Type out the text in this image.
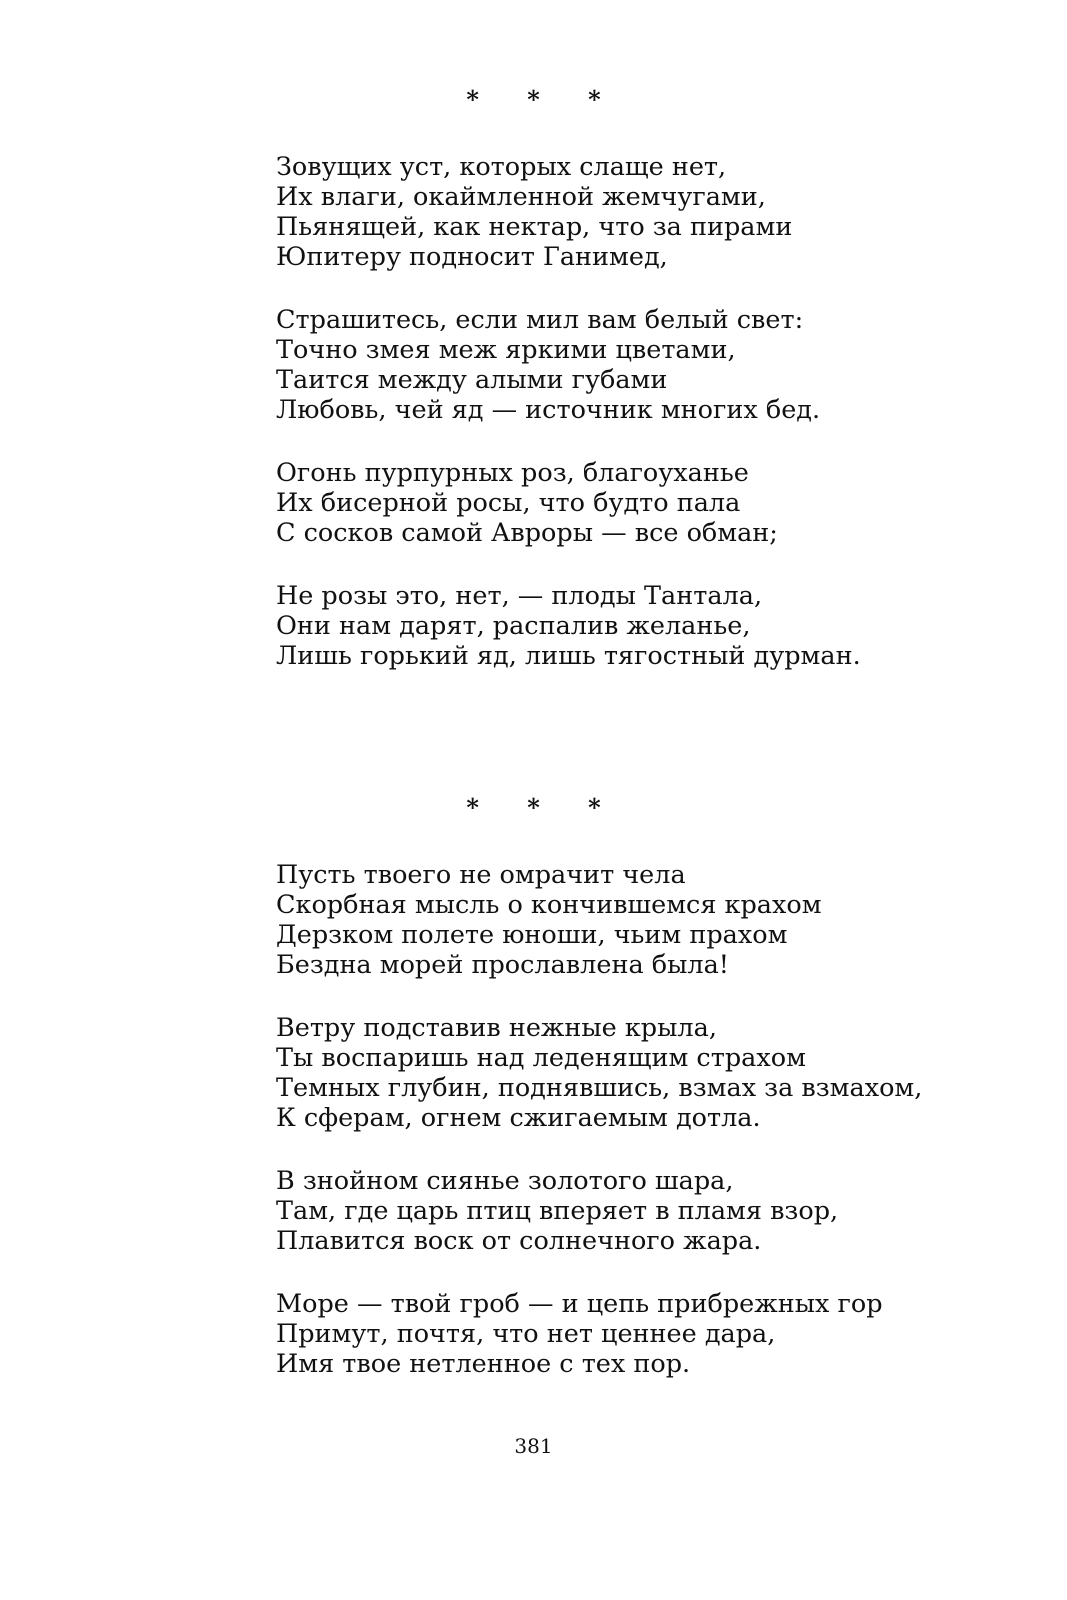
* * *
Зовущих уст, которых слаще нет,
Их влаги, окаймленной жемчугами,
Пьянящей, как нектар, что за пирами
Юпитеру подносит Ганимед,
Страшитесь, если мил вам белый свет:
Точно змея меж яркими цветами,
Таится между алыми губами
Любовь, чей яд — источник многих бед.
Огонь пурпурных роз, благоуханье
Их бисерной росы, что будто пала
С сосков самой Авроры — все обман;
Не розы это, нет, — плоды Тантала,
Они нам дарят, распалив желанье,
Лишь горький яд, лишь тягостный дурман.
* * *
Пусть твоего не омрачит чела
Скорбная мысль о кончившемся крахом
Дерзком полете юноши, чьим прахом
Бездна морей прославлена была!
Ветру подставив нежные крыла,
Ты воспаришь над леденящим страхом
Темных глубин, поднявшись, взмах за взмахом,
К сферам, огнем сжигаемым дотла.
В знойном сиянье золотого шара,
Там, где царь птиц вперяет в пламя взор,
Плавится воск от солнечного жара.
Море — твой гроб — и цепь прибрежных гор
Примут, почтя, что нет ценнее дара,
Имя твое нетленное с тех пор.
381
